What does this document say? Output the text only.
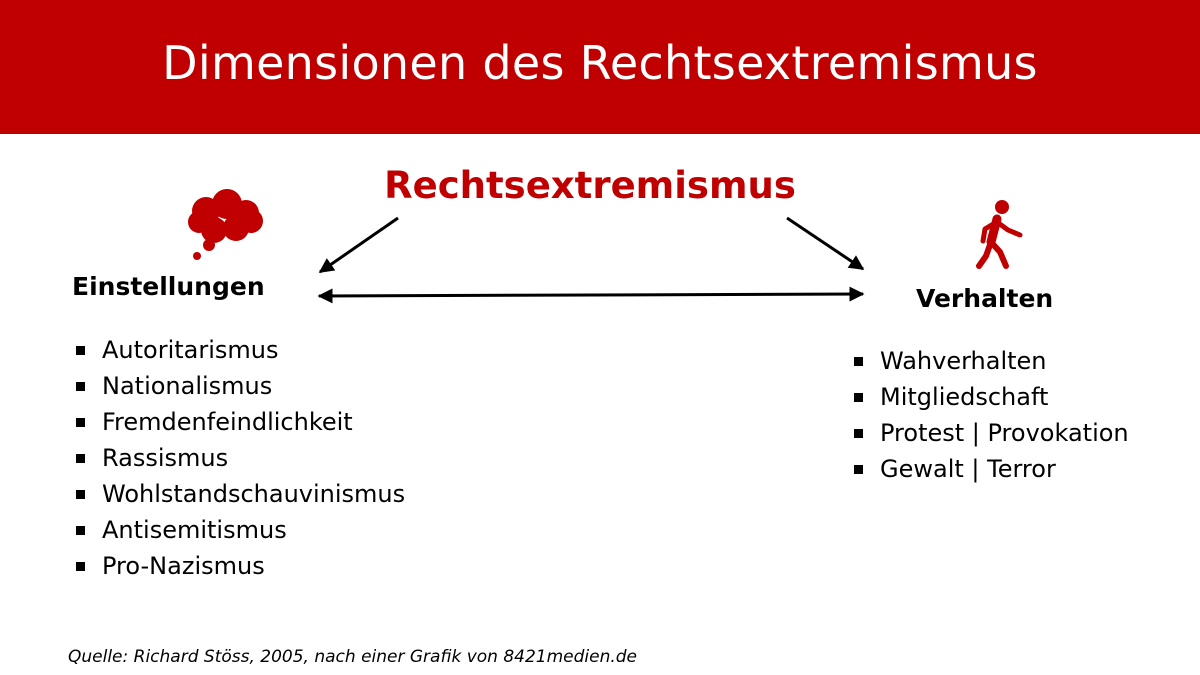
Dimensionen des Rechtsextremismus
Rechtsextremismus
Einstellungen	Verhalten
Autoritarismus
Nationalismus
Fremdenfeindlichkeit
Rassismus
Wohlstandschauvinismus
Antisemitismus
Pro-Nazismus
Wahverhalten
Mitgliedschaft
Protest | Provokation
Gewalt | Terror
Quelle: Richard Stöss, 2005, nach einer Grafik von 8421medien.de
